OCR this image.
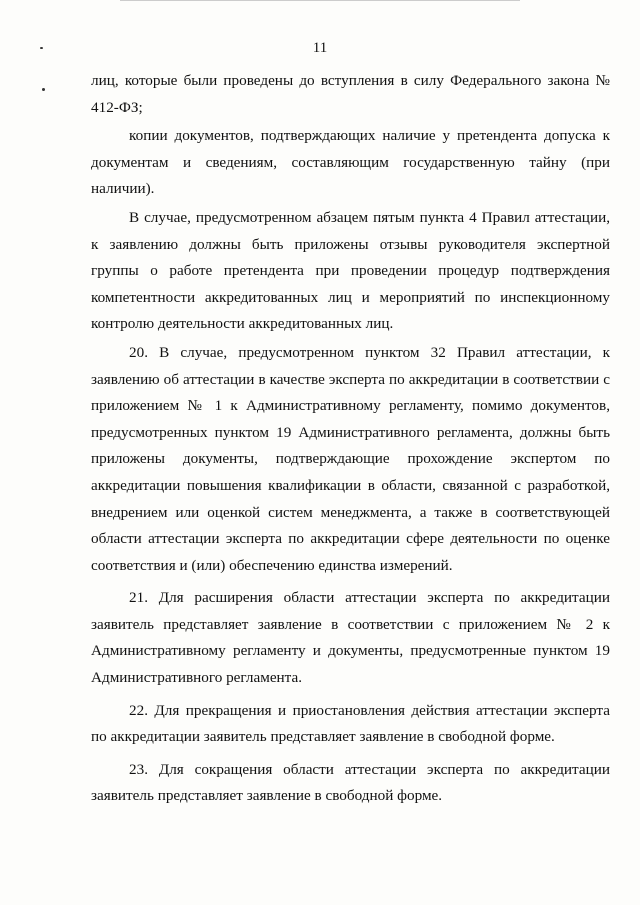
11

лиц, которые были проведены до вступления в силу Федерального закона № 412-ФЗ;

копии документов, подтверждающих наличие у претендента допуска к документам и сведениям, составляющим государственную тайну (при наличии).

В случае, предусмотренном абзацем пятым пункта 4 Правил аттестации, к заявлению должны быть приложены отзывы руководителя экспертной группы о работе претендента при проведении процедур подтверждения компетентности аккредитованных лиц и мероприятий по инспекционному контролю деятельности аккредитованных лиц.

20. В случае, предусмотренном пунктом 32 Правил аттестации, к заявлению об аттестации в качестве эксперта по аккредитации в соответствии с приложением № 1 к Административному регламенту, помимо документов, предусмотренных пунктом 19 Административного регламента, должны быть приложены документы, подтверждающие прохождение экспертом по аккредитации повышения квалификации в области, связанной с разработкой, внедрением или оценкой систем менеджмента, а также в соответствующей области аттестации эксперта по аккредитации сфере деятельности по оценке соответствия и (или) обеспечению единства измерений.

21. Для расширения области аттестации эксперта по аккредитации заявитель представляет заявление в соответствии с приложением № 2 к Административному регламенту и документы, предусмотренные пунктом 19 Административного регламента.

22. Для прекращения и приостановления действия аттестации эксперта по аккредитации заявитель представляет заявление в свободной форме.

23. Для сокращения области аттестации эксперта по аккредитации заявитель представляет заявление в свободной форме.
